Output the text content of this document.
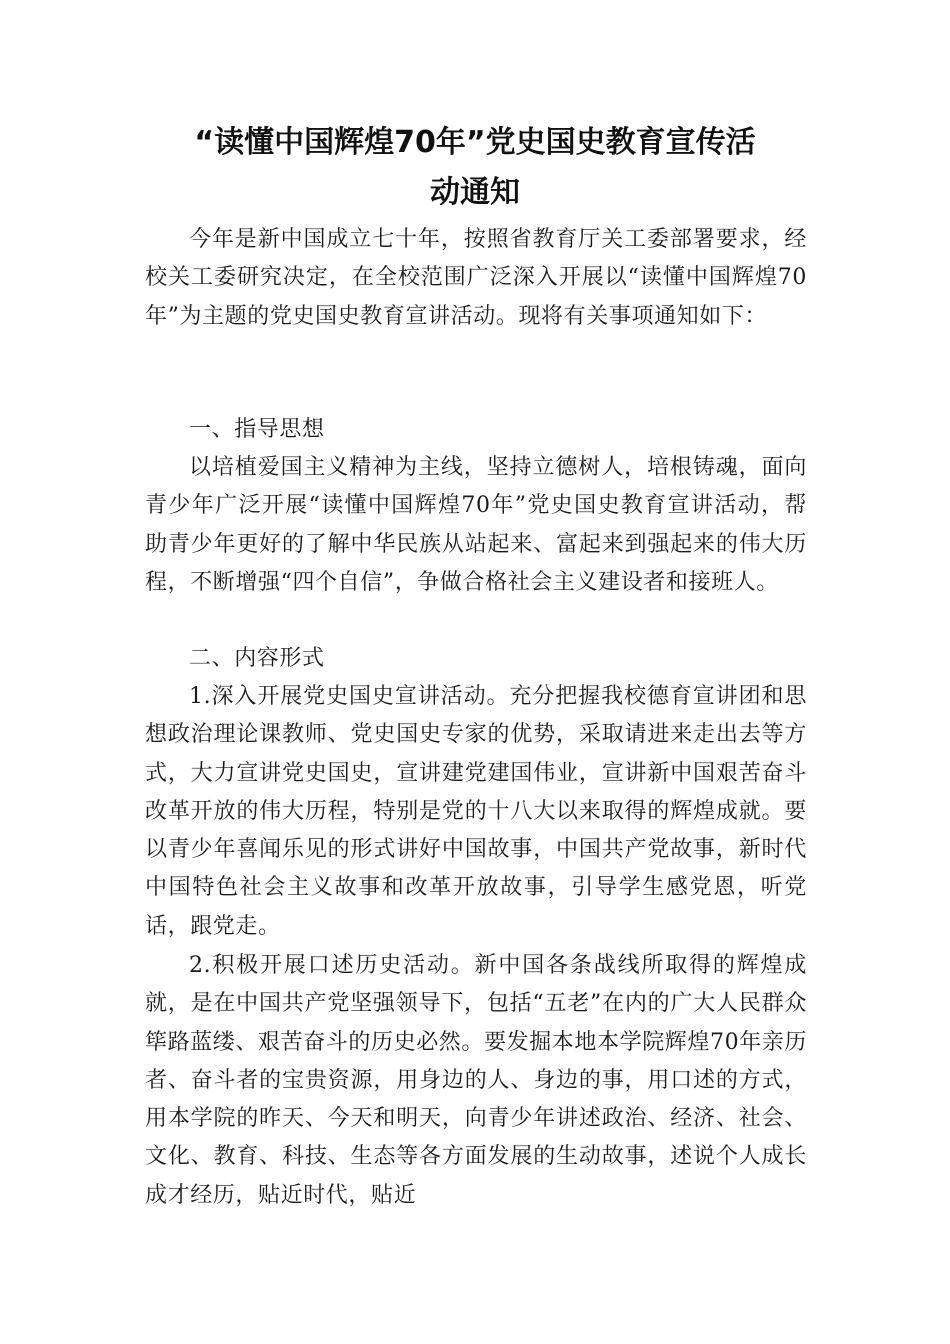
“读懂中国辉煌70年”党史国史教育宣传活
动通知

今年是新中国成立七十年，按照省教育厅关工委部署要求，经校关工委研究决定，在全校范围广泛深入开展以“读懂中国辉煌70年”为主题的党史国史教育宣讲活动。现将有关事项通知如下：

一、指导思想

以培植爱国主义精神为主线，坚持立德树人，培根铸魂，面向青少年广泛开展“读懂中国辉煌70年”党史国史教育宣讲活动，帮助青少年更好的了解中华民族从站起来、富起来到强起来的伟大历程，不断增强“四个自信”，争做合格社会主义建设者和接班人。

二、内容形式

1.深入开展党史国史宣讲活动。充分把握我校德育宣讲团和思想政治理论课教师、党史国史专家的优势，采取请进来走出去等方式，大力宣讲党史国史，宣讲建党建国伟业，宣讲新中国艰苦奋斗改革开放的伟大历程，特别是党的十八大以来取得的辉煌成就。要以青少年喜闻乐见的形式讲好中国故事，中国共产党故事，新时代中国特色社会主义故事和改革开放故事，引导学生感党恩，听党话，跟党走。

2.积极开展口述历史活动。新中国各条战线所取得的辉煌成就，是在中国共产党坚强领导下，包括“五老”在内的广大人民群众筚路蓝缕、艰苦奋斗的历史必然。要发掘本地本学院辉煌70年亲历者、奋斗者的宝贵资源，用身边的人、身边的事，用口述的方式，用本学院的昨天、今天和明天，向青少年讲述政治、经济、社会、文化、教育、科技、生态等各方面发展的生动故事，述说个人成长成才经历，贴近时代，贴近
